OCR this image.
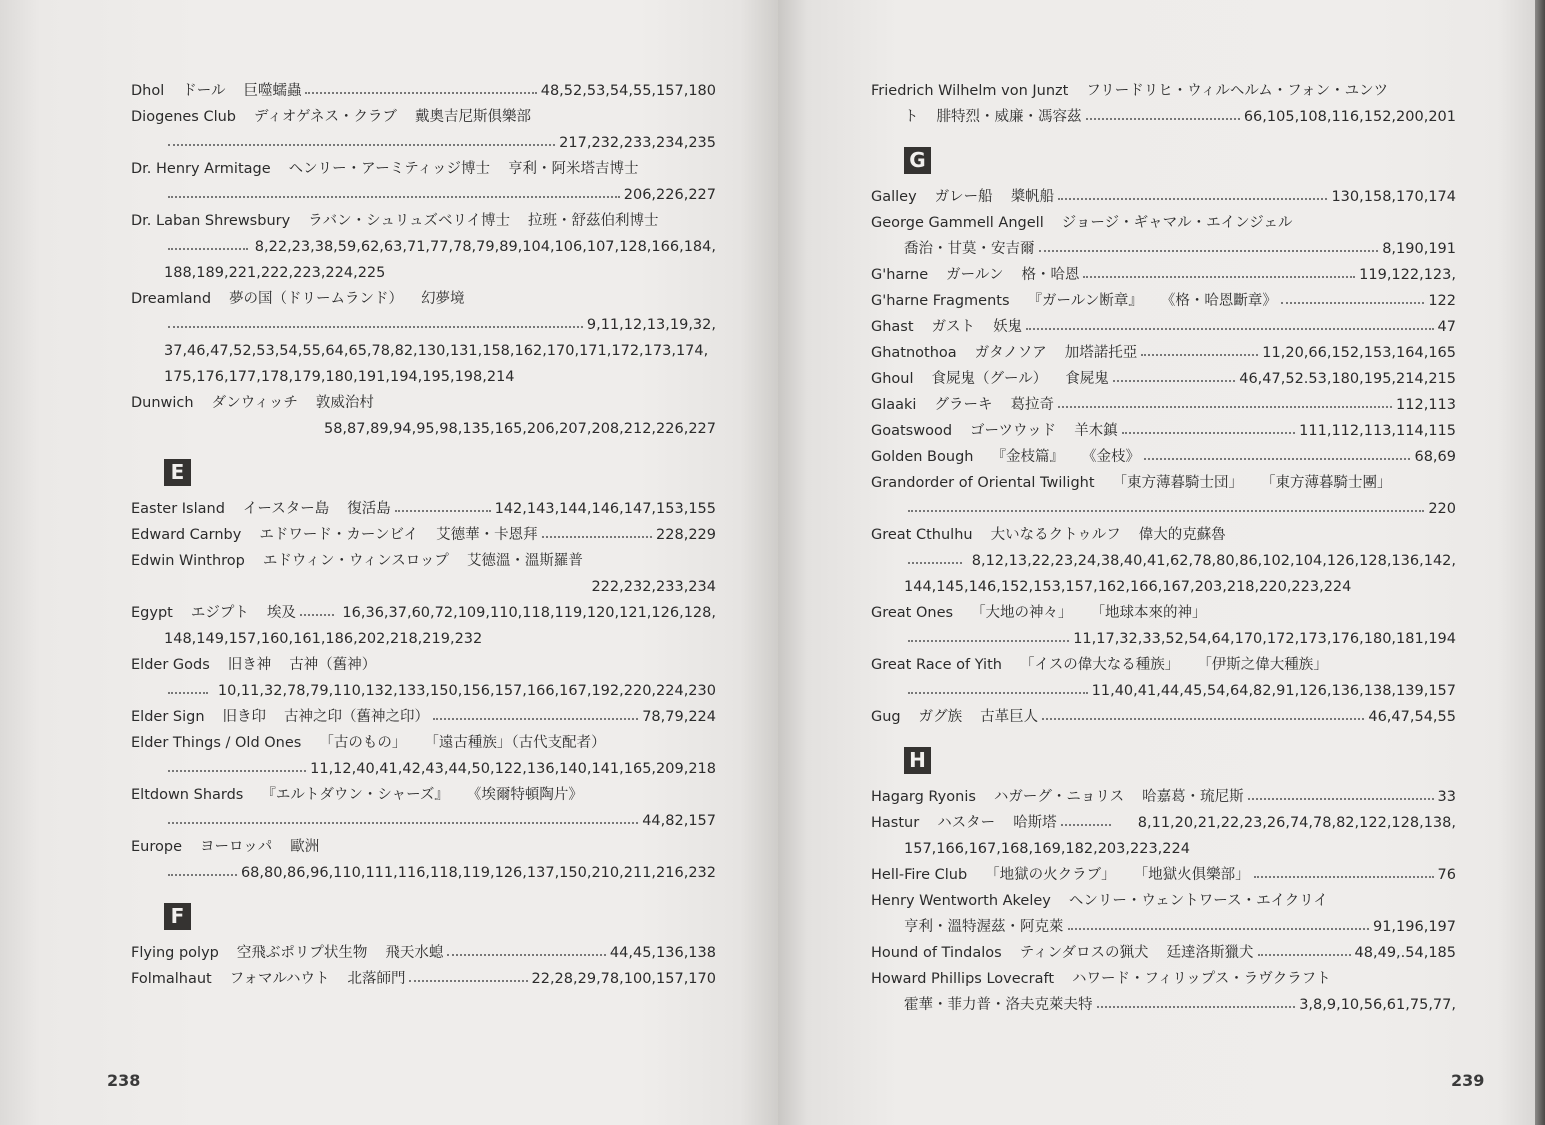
Dhol ドール 巨噬蠕蟲	48,52,53,54,55,157,180
Diogenes Club ディオゲネス・クラブ 戴奧吉尼斯俱樂部
217,232,233,234,235
Dr. Henry Armitage ヘンリー・アーミティッジ博士 亨利・阿米塔吉博士
206,226,227
Dr. Laban Shrewsbury ラバン・シュリュズベリイ博士 拉班・舒茲伯利博士
8,22,23,38,59,62,63,71,77,78,79,89,104,106,107,128,166,184,
188,189,221,222,223,224,225
Dreamland 夢の国（ドリームランド） 幻夢境
9,11,12,13,19,32,
37,46,47,52,53,54,55,64,65,78,82,130,131,158,162,170,171,172,173,174,
175,176,177,178,179,180,191,194,195,198,214
Dunwich ダンウィッチ 敦威治村
58,87,89,94,95,98,135,165,206,207,208,212,226,227
E
Easter Island イースター島 復活島	142,143,144,146,147,153,155
Edward Carnby エドワード・カーンビイ 艾德華・卡恩拜	228,229
Edwin Winthrop エドウィン・ウィンスロップ 艾德溫・溫斯羅普
222,232,233,234
Egypt エジプト 埃及	16,36,37,60,72,109,110,118,119,120,121,126,128,
148,149,157,160,161,186,202,218,219,232
Elder Gods 旧き神 古神（舊神）
10,11,32,78,79,110,132,133,150,156,157,166,167,192,220,224,230
Elder Sign 旧き印 古神之印（舊神之印）	78,79,224
Elder Things / Old Ones 「古のもの」 「遠古種族」（古代支配者）
11,12,40,41,42,43,44,50,122,136,140,141,165,209,218
Eltdown Shards 『エルトダウン・シャーズ』 《埃爾特頓陶片》
44,82,157
Europe ヨーロッパ 歐洲
68,80,86,96,110,111,116,118,119,126,137,150,210,211,216,232
F
Flying polyp 空飛ぶポリプ状生物 飛天水螅	44,45,136,138
Folmalhaut フォマルハウト 北落師門	22,28,29,78,100,157,170
238
Friedrich Wilhelm von Junzt フリードリヒ・ウィルヘルム・フォン・ユンツ
ト 腓特烈・威廉・馮容茲	66,105,108,116,152,200,201
G
Galley ガレー船 槳帆船	130,158,170,174
George Gammell Angell ジョージ・ギャマル・エインジェル
喬治・甘莫・安吉爾	8,190,191
G'harne ガールン 格・哈恩	119,122,123,
G'harne Fragments 『ガールン断章』 《格・哈恩斷章》	122
Ghast ガスト 妖鬼	47
Ghatnothoa ガタノソア 加塔諾托亞	11,20,66,152,153,164,165
Ghoul 食屍鬼（グール） 食屍鬼	46,47,52.53,180,195,214,215
Glaaki グラーキ 葛拉奇	112,113
Goatswood ゴーツウッド 羊木鎮	111,112,113,114,115
Golden Bough 『金枝篇』 《金枝》	68,69
Grandorder of Oriental Twilight 「東方薄暮騎士団」 「東方薄暮騎士團」
220
Great Cthulhu 大いなるクトゥルフ 偉大的克蘇魯
8,12,13,22,23,24,38,40,41,62,78,80,86,102,104,126,128,136,142,
144,145,146,152,153,157,162,166,167,203,218,220,223,224
Great Ones 「大地の神々」 「地球本來的神」
11,17,32,33,52,54,64,170,172,173,176,180,181,194
Great Race of Yith 「イスの偉大なる種族」 「伊斯之偉大種族」
11,40,41,44,45,54,64,82,91,126,136,138,139,157
Gug ガグ族 古革巨人	46,47,54,55
H
Hagarg Ryonis ハガーグ・ニョリス 哈嘉葛・琉尼斯	33
Hastur ハスター 哈斯塔	8,11,20,21,22,23,26,74,78,82,122,128,138,
157,166,167,168,169,182,203,223,224
Hell-Fire Club 「地獄の火クラブ」 「地獄火俱樂部」	76
Henry Wentworth Akeley ヘンリー・ウェントワース・エイクリイ
亨利・溫特渥茲・阿克萊	91,196,197
Hound of Tindalos ティンダロスの猟犬 廷達洛斯獵犬	48,49,.54,185
Howard Phillips Lovecraft ハワード・フィリップス・ラヴクラフト
霍華・菲力普・洛夫克萊夫特	3,8,9,10,56,61,75,77,
239
